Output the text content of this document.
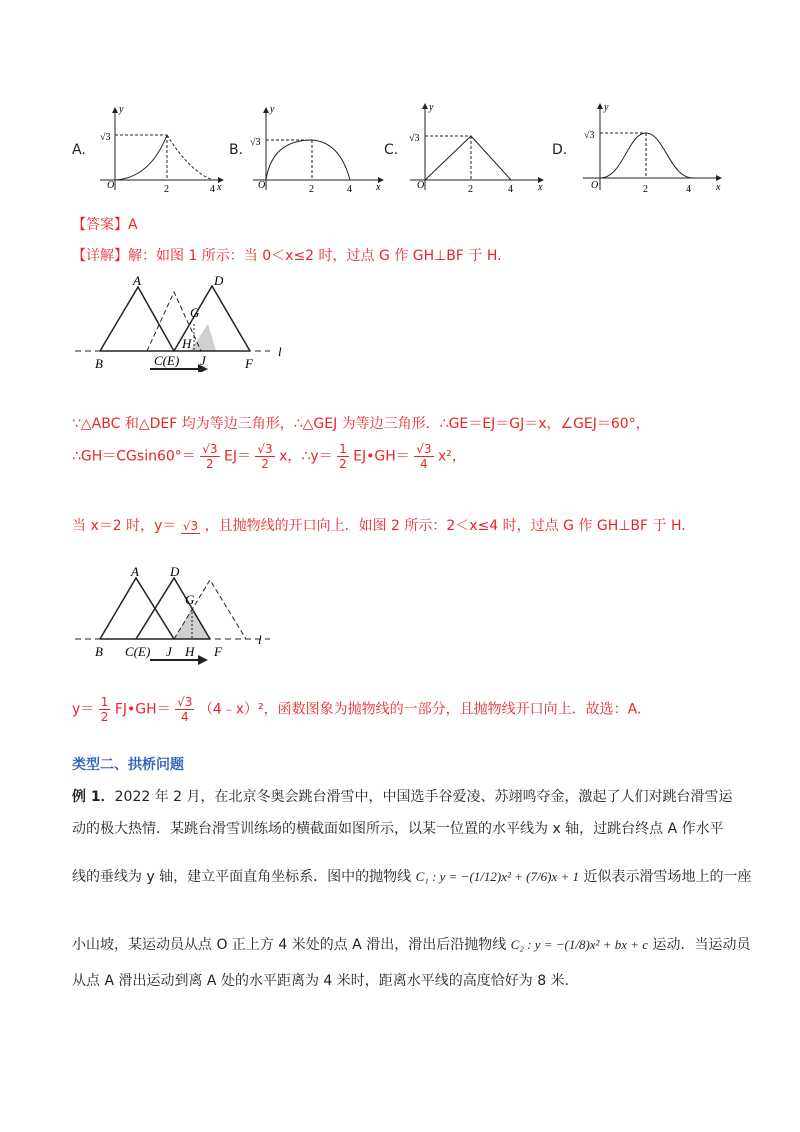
A.
√3
O	2	4 x
y
B. √3
O	2	4 x
y
C.
√3
O	2	4	x
y
D.
√3
O	2	4	x
y
【答案】A
【详解】解：如图 1 所示：当 0＜x≤2 时，过点 G 作 GH⊥BF 于 H.
A	D
G
H
B	C(E) J	F
l
∵△ABC 和△DEF 均为等边三角形，∴△GEJ 为等边三角形．∴GE＝EJ＝GJ＝x，∠GEJ＝60°，
∴GH＝CGsin60°＝ $\frac{√3}{2} EJ= \frac{√3}{2}$ x，∴y＝ $\frac{1}{2}$ EJ•GH＝ $\frac{√3}{4} x^2$，
当 x＝2 时，y＝ √3 ，且抛物线的开口向上．如图 2 所示：2＜x≤4 时，过点 G 作 GH⊥BF 于 H.
A D
G
B C(E) J H F
l
$y= \frac{1}{2}$ FJ•GH＝ $\frac{√3}{4}$ （4﹣x）²，函数图象为抛物线的一部分，且抛物线开口向上．故选：A.
类型二、拱桥问题
例 1．2022 年 2 月，在北京冬奥会跳台滑雪中，中国选手谷爱凌、苏翊鸣夺金，激起了人们对跳台滑雪运
动的极大热情．某跳台滑雪训练场的横截面如图所示，以某一位置的水平线为 x 轴，过跳台终点 A 作水平
线的垂线为 y 轴，建立平面直角坐标系．图中的抛物线 C₁ : y = −(1/12)x² + (7/6)x + 1 近似表示滑雪场地上的一座
小山坡，某运动员从点 O 正上方 4 米处的点 A 滑出，滑出后沿抛物线 C₂ : y = −(1/8)x² + bx + c 运动．当运动员
从点 A 滑出运动到离 A 处的水平距离为 4 米时，距离水平线的高度恰好为 8 米．
